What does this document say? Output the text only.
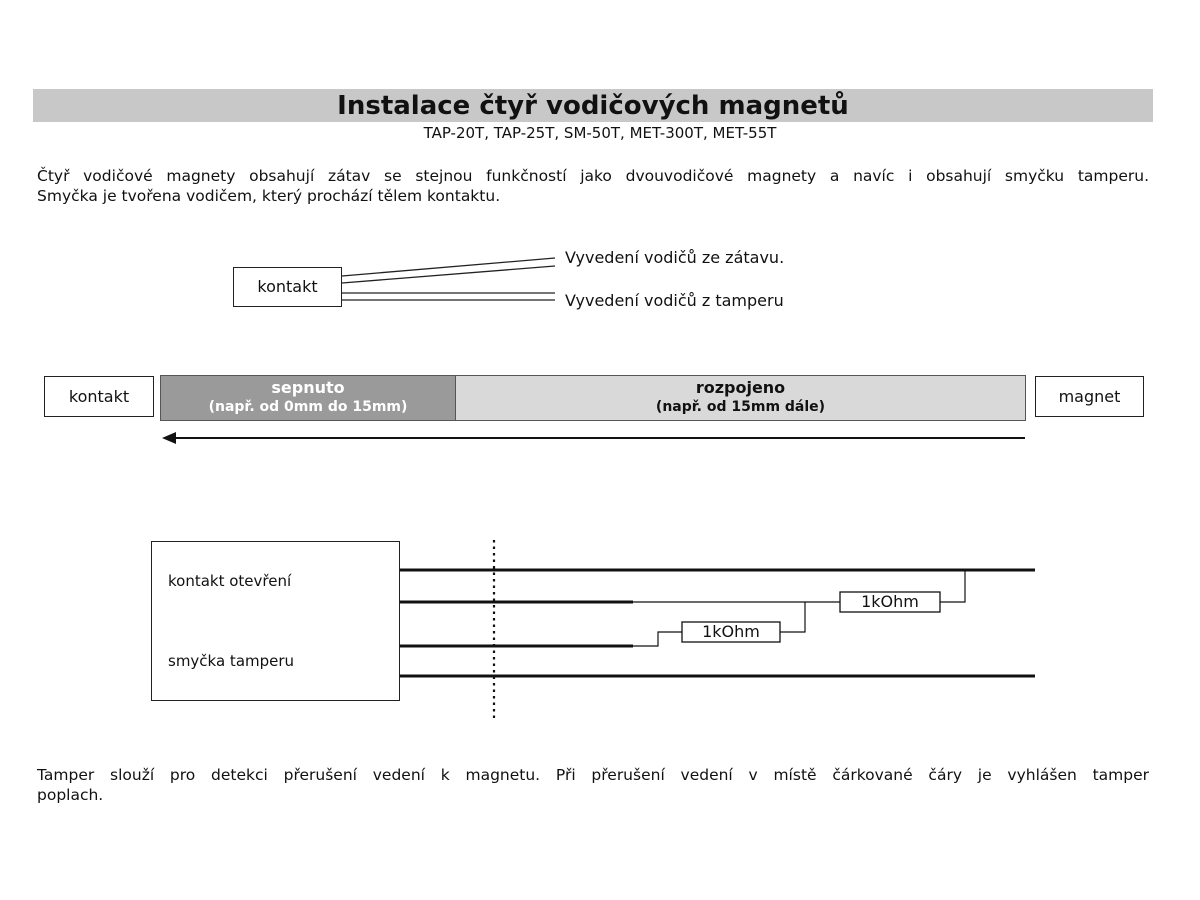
Instalace čtyř vodičových magnetů
TAP-20T, TAP-25T, SM-50T, MET-300T, MET-55T
Čtyř vodičové magnety obsahují zátav se stejnou funkčností jako dvouvodičové magnety a navíc i obsahují smyčku tamperu.
Smyčka je tvořena vodičem, který prochází tělem kontaktu.
kontakt
Vyvedení vodičů ze zátavu.
Vyvedení vodičů z tamperu
kontakt	sepnuto
(např. od 0mm do 15mm)
rozpojeno
(např. od 15mm dále)
magnet
kontakt otevření
smyčka tamperu
1kOhm
1kOhm
Tamper slouží pro detekci přerušení vedení k magnetu. Při přerušení vedení v místě čárkované čáry je vyhlášen tamper
poplach.
